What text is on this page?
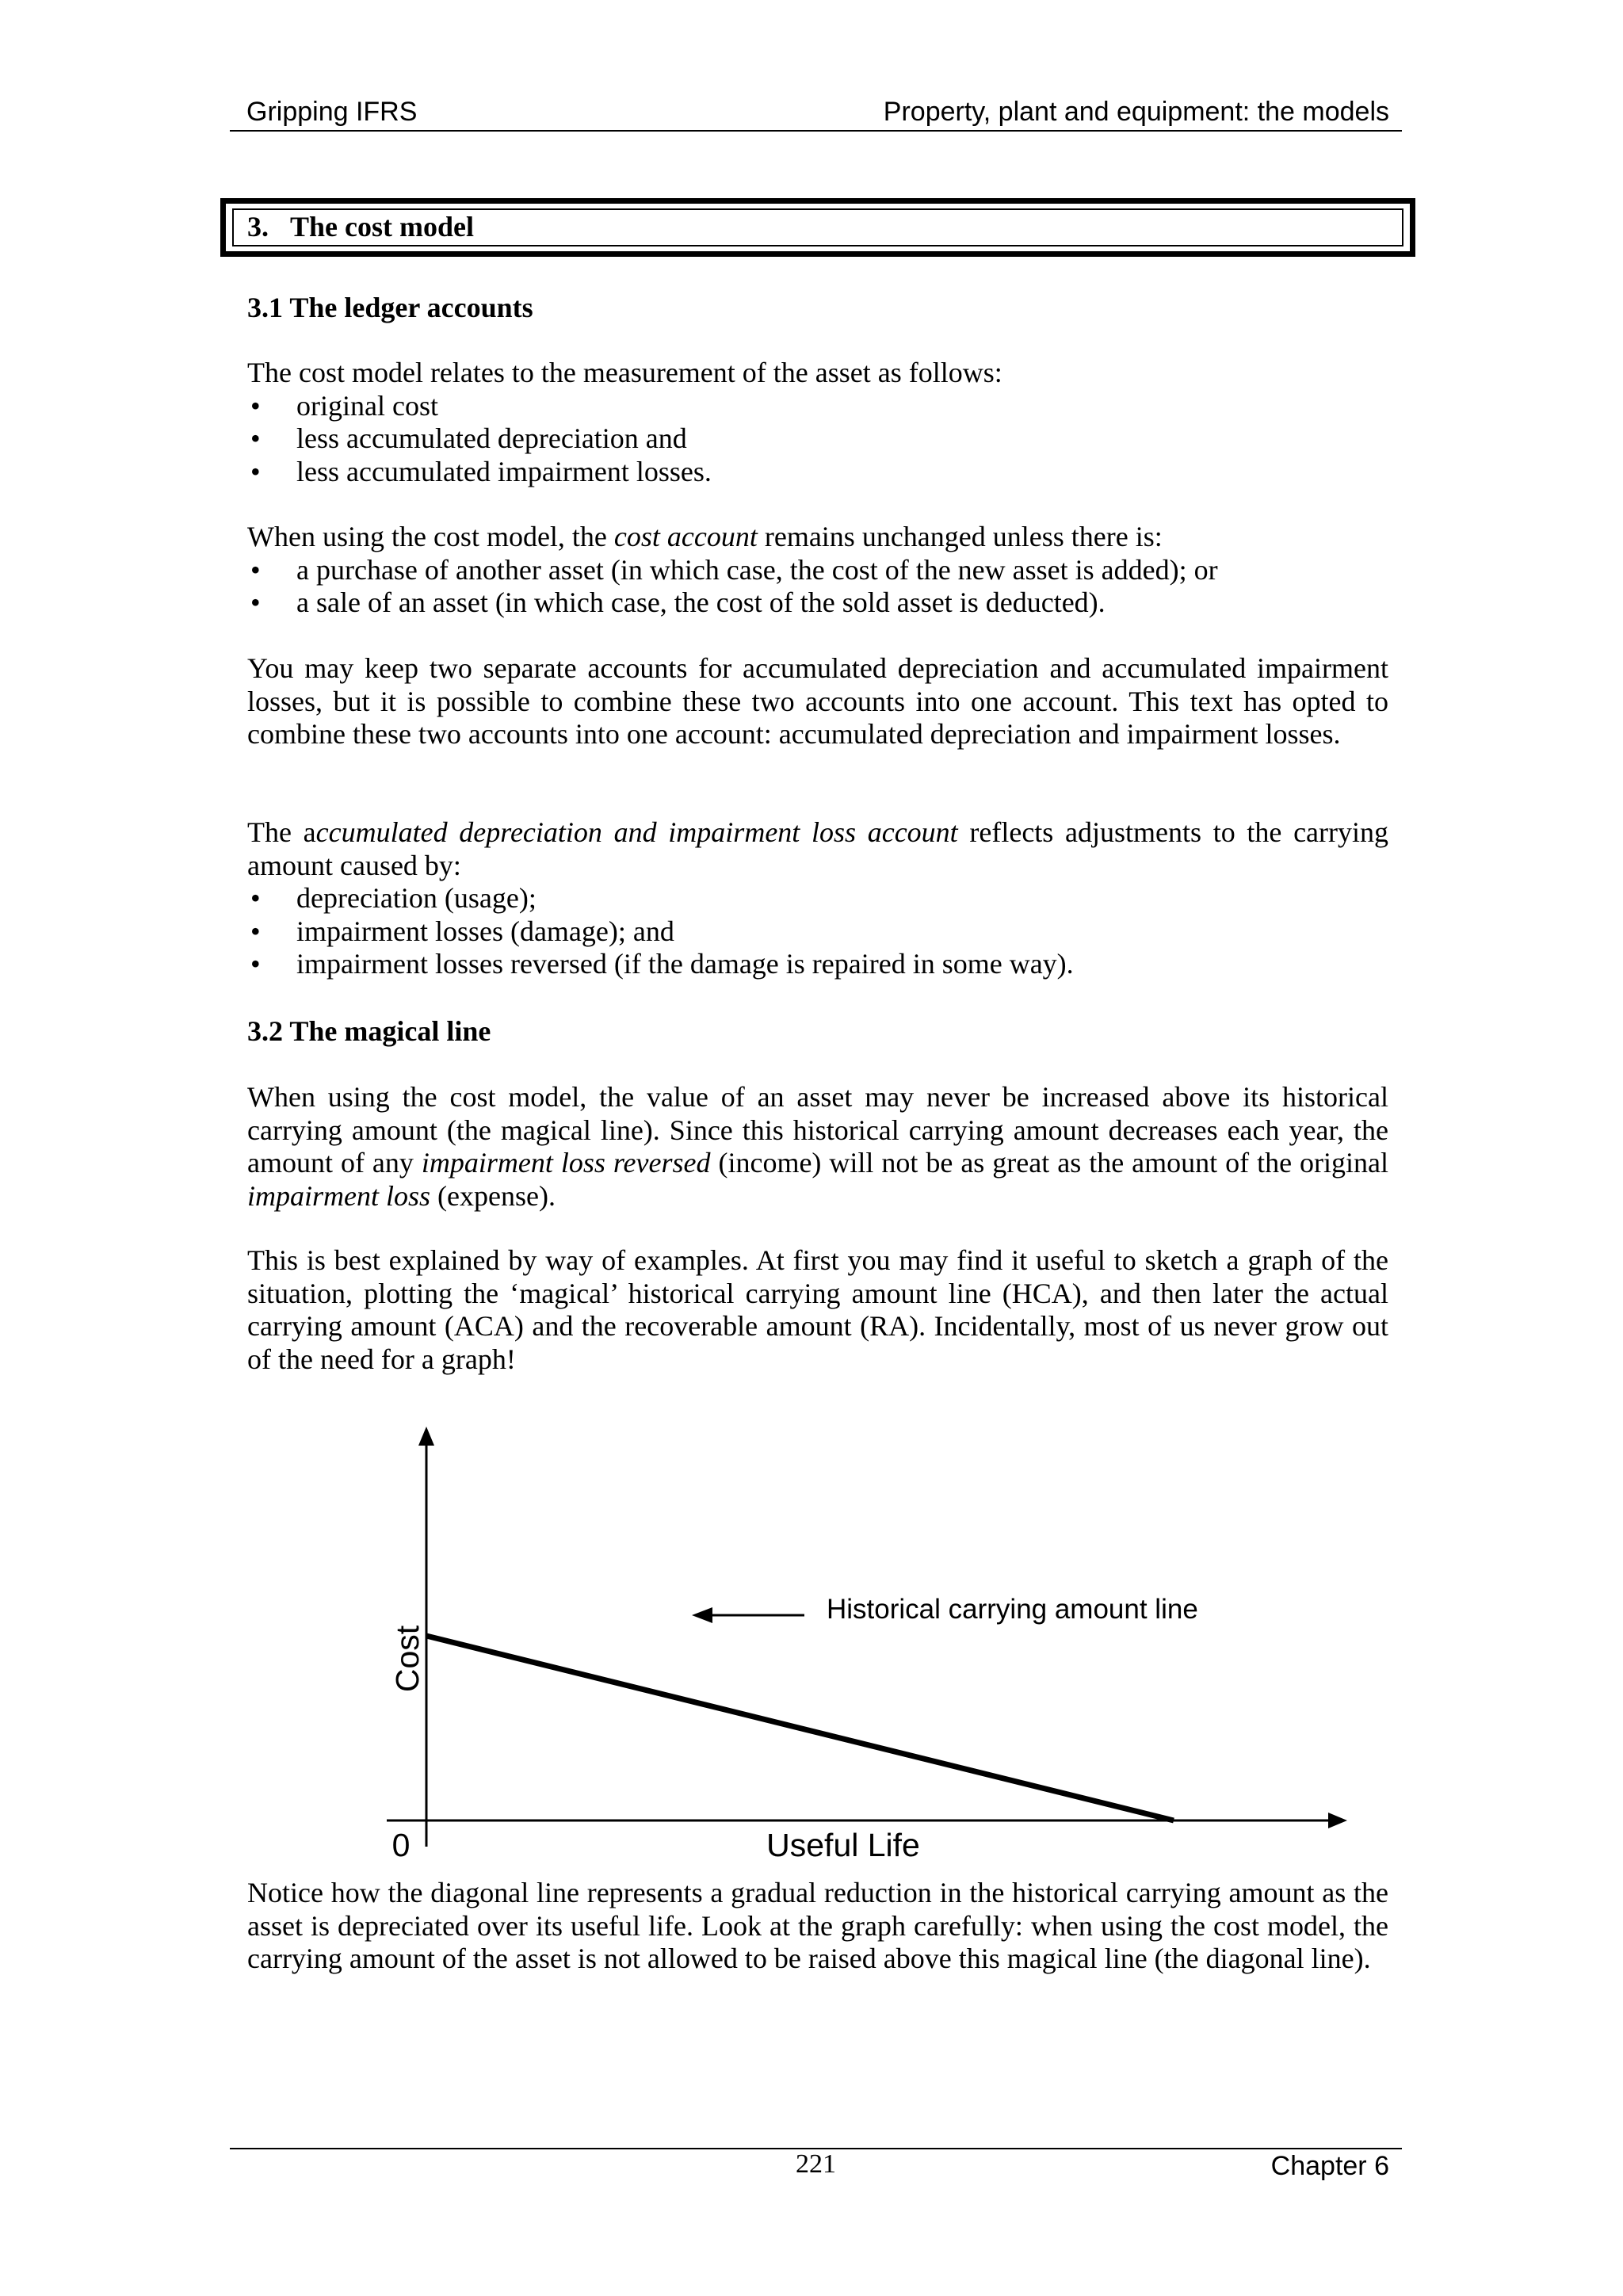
Gripping IFRS	Property, plant and equipment: the models
3. The cost model
3.1 The ledger accounts

The cost model relates to the measurement of the asset as follows:

• original cost
• less accumulated depreciation and
• less accumulated impairment losses.

When using the cost model, the cost account remains unchanged unless there is:

• a purchase of another asset (in which case, the cost of the new asset is added); or
• a sale of an asset (in which case, the cost of the sold asset is deducted).

You may keep two separate accounts for accumulated depreciation and accumulated impairment losses, but it is possible to combine these two accounts into one account. This text has opted to combine these two accounts into one account: accumulated depreciation and impairment losses.

The accumulated depreciation and impairment loss account reflects adjustments to the carrying amount caused by:

• depreciation (usage);
• impairment losses (damage); and
• impairment losses reversed (if the damage is repaired in some way).
3.2 The magical line

When using the cost model, the value of an asset may never be increased above its historical carrying amount (the magical line). Since this historical carrying amount decreases each year, the amount of any impairment loss reversed (income) will not be as great as the amount of the original impairment loss (expense).

This is best explained by way of examples. At first you may find it useful to sketch a graph of the situation, plotting the ‘magical’ historical carrying amount line (HCA), and then later the actual carrying amount (ACA) and the recoverable amount (RA). Incidentally, most of us never grow out of the need for a graph!

Historical carrying amount line
Cost
Useful Life
0

Notice how the diagonal line represents a gradual reduction in the historical carrying amount as the asset is depreciated over its useful life. Look at the graph carefully: when using the cost model, the carrying amount of the asset is not allowed to be raised above this magical line (the diagonal line).

221	Chapter 6
